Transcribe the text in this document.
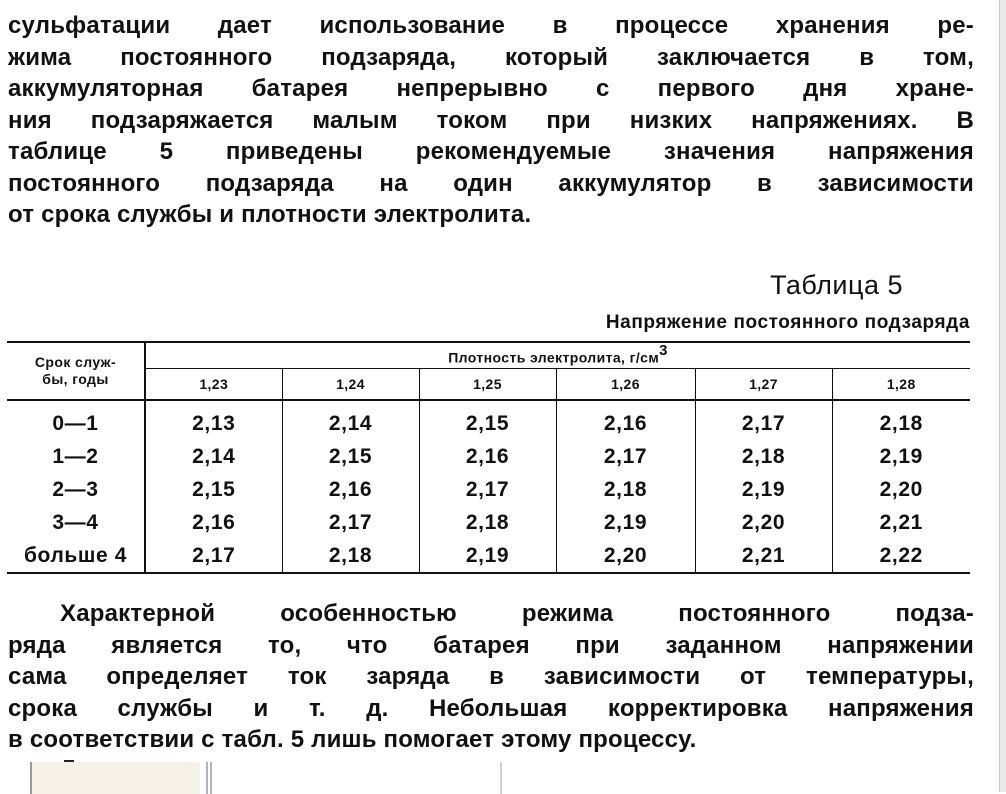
сульфатации дает использование в процессе хранения ре-
жима постоянного подзаряда, который заключается в том,
аккумуляторная батарея непрерывно с первого дня хране-
ния подзаряжается малым током при низких напряжениях. В
таблице 5 приведены рекомендуемые значения напряжения
постоянного подзаряда на один аккумулятор в зависимости
от срока службы и плотности электролита.
Таблица 5
Напряжение постоянного подзаряда
Срок служ-
бы, годы	Плотность электролита, $г/см^3$
	1,23	1,24	1,25	1,26	1,27	1,28
0—1	2,13	2,14	2,15	2,16	2,17	2,18
1—2	2,14	2,15	2,16	2,17	2,18	2,19
2—3	2,15	2,16	2,17	2,18	2,19	2,20
3—4	2,16	2,17	2,18	2,19	2,20	2,21
больше 4	2,17	2,18	2,19	2,20	2,21	2,22
Характерной особенностью режима постоянного подза-
ряда является то, что батарея при заданном напряжении
сама определяет ток заряда в зависимости от температуры,
срока службы и т. д. Небольшая корректировка напряжения
в соответствии с табл. 5 лишь помогает этому процессу.
